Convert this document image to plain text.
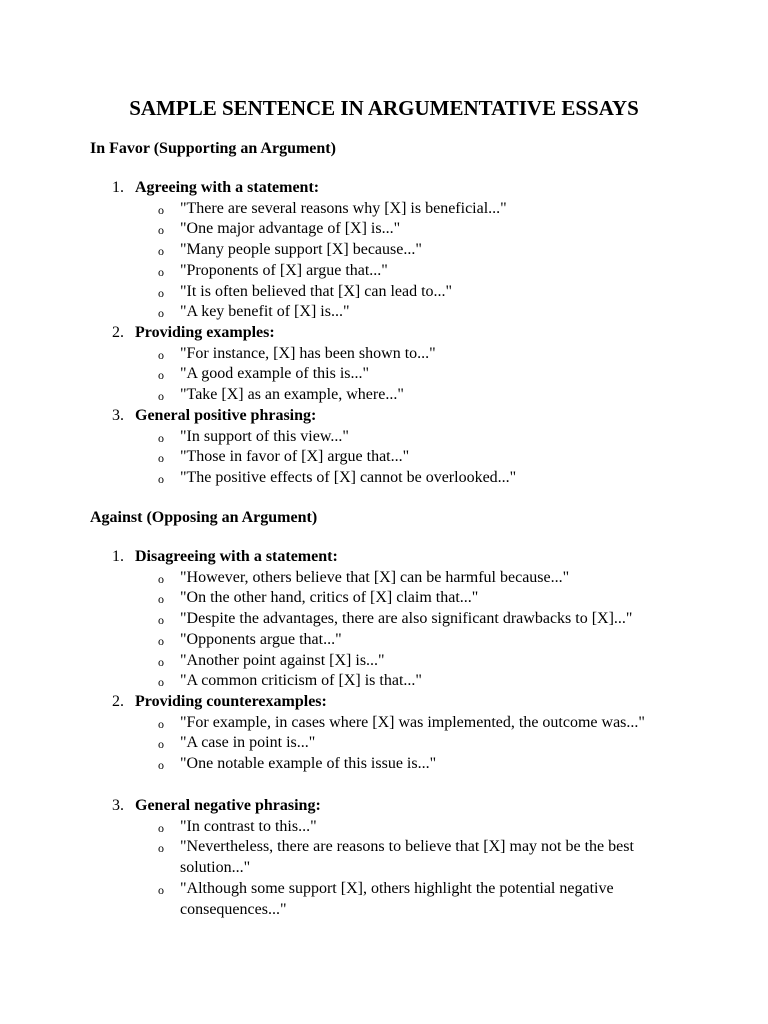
SAMPLE SENTENCE IN ARGUMENTATIVE ESSAYS
In Favor (Supporting an Argument)
1. Agreeing with a statement:
o "There are several reasons why [X] is beneficial..."
o "One major advantage of [X] is..."
o "Many people support [X] because..."
o "Proponents of [X] argue that..."
o "It is often believed that [X] can lead to..."
o "A key benefit of [X] is..."
2. Providing examples:
o "For instance, [X] has been shown to..."
o "A good example of this is..."
o "Take [X] as an example, where..."
3. General positive phrasing:
o "In support of this view..."
o "Those in favor of [X] argue that..."
o "The positive effects of [X] cannot be overlooked..."
Against (Opposing an Argument)
1. Disagreeing with a statement:
o "However, others believe that [X] can be harmful because..."
o "On the other hand, critics of [X] claim that..."
o "Despite the advantages, there are also significant drawbacks to [X]..."
o "Opponents argue that..."
o "Another point against [X] is..."
o "A common criticism of [X] is that..."
2. Providing counterexamples:
o "For example, in cases where [X] was implemented, the outcome was..."
o "A case in point is..."
o "One notable example of this issue is..."
3. General negative phrasing:
o "In contrast to this..."
o "Nevertheless, there are reasons to believe that [X] may not be the best solution..."
o "Although some support [X], others highlight the potential negative consequences..."
